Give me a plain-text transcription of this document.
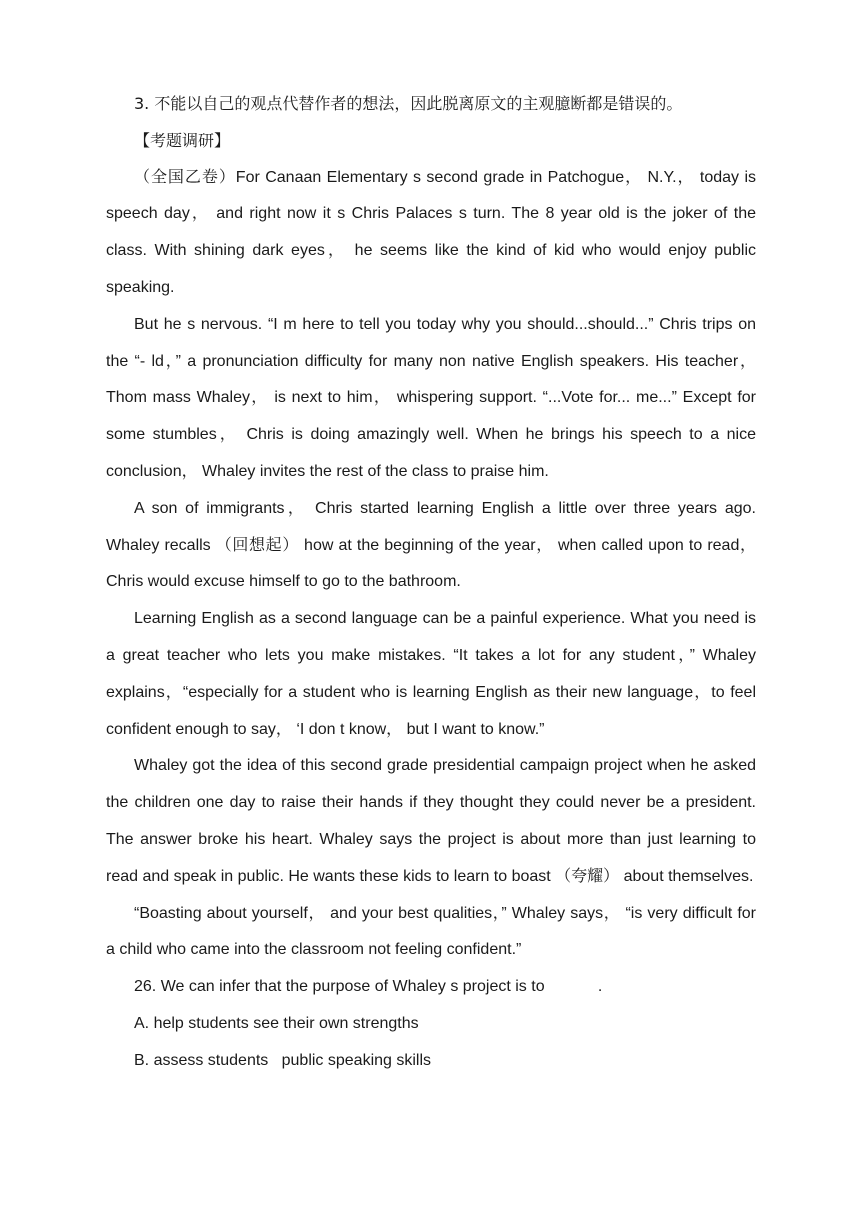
3. 不能以自己的观点代替作者的想法，因此脱离原文的主观臆断都是错误的。

【考题调研】

（全国乙卷）For Canaan Elementary s second grade in Patchogue， N.Y.， today is speech day， and right now it s Chris Palaces s turn. The 8 year old is the joker of the class. With shining dark eyes， he seems like the kind of kid who would enjoy public speaking.

But he s nervous. “I m here to tell you today why you should...should...” Chris trips on the “- ld，” a pronunciation difficulty for many non native English speakers. His teacher，Thom mass Whaley， is next to him， whispering support. “...Vote for... me...” Except for some stumbles， Chris is doing amazingly well. When he brings his speech to a nice conclusion， Whaley invites the rest of the class to praise him.

A son of immigrants， Chris started learning English a little over three years ago. Whaley recalls （回想起） how at the beginning of the year， when called upon to read，Chris would excuse himself to go to the bathroom.

Learning English as a second language can be a painful experience. What you need is a great teacher who lets you make mistakes. “It takes a lot for any student，” Whaley explains，“especially for a student who is learning English as their new language，to feel confident enough to say， ‘I don t know， but I want to know.”

Whaley got the idea of this second grade presidential campaign project when he asked the children one day to raise their hands if they thought they could never be a president. The answer broke his heart. Whaley says the project is about more than just learning to read and speak in public. He wants these kids to learn to boast （夸耀） about themselves.

“Boasting about yourself， and your best qualities，” Whaley says， “is very difficult for a child who came into the classroom not feeling confident.”

26. We can infer that the purpose of Whaley s project is to            .

A. help students see their own strengths

B. assess students   public speaking skills
